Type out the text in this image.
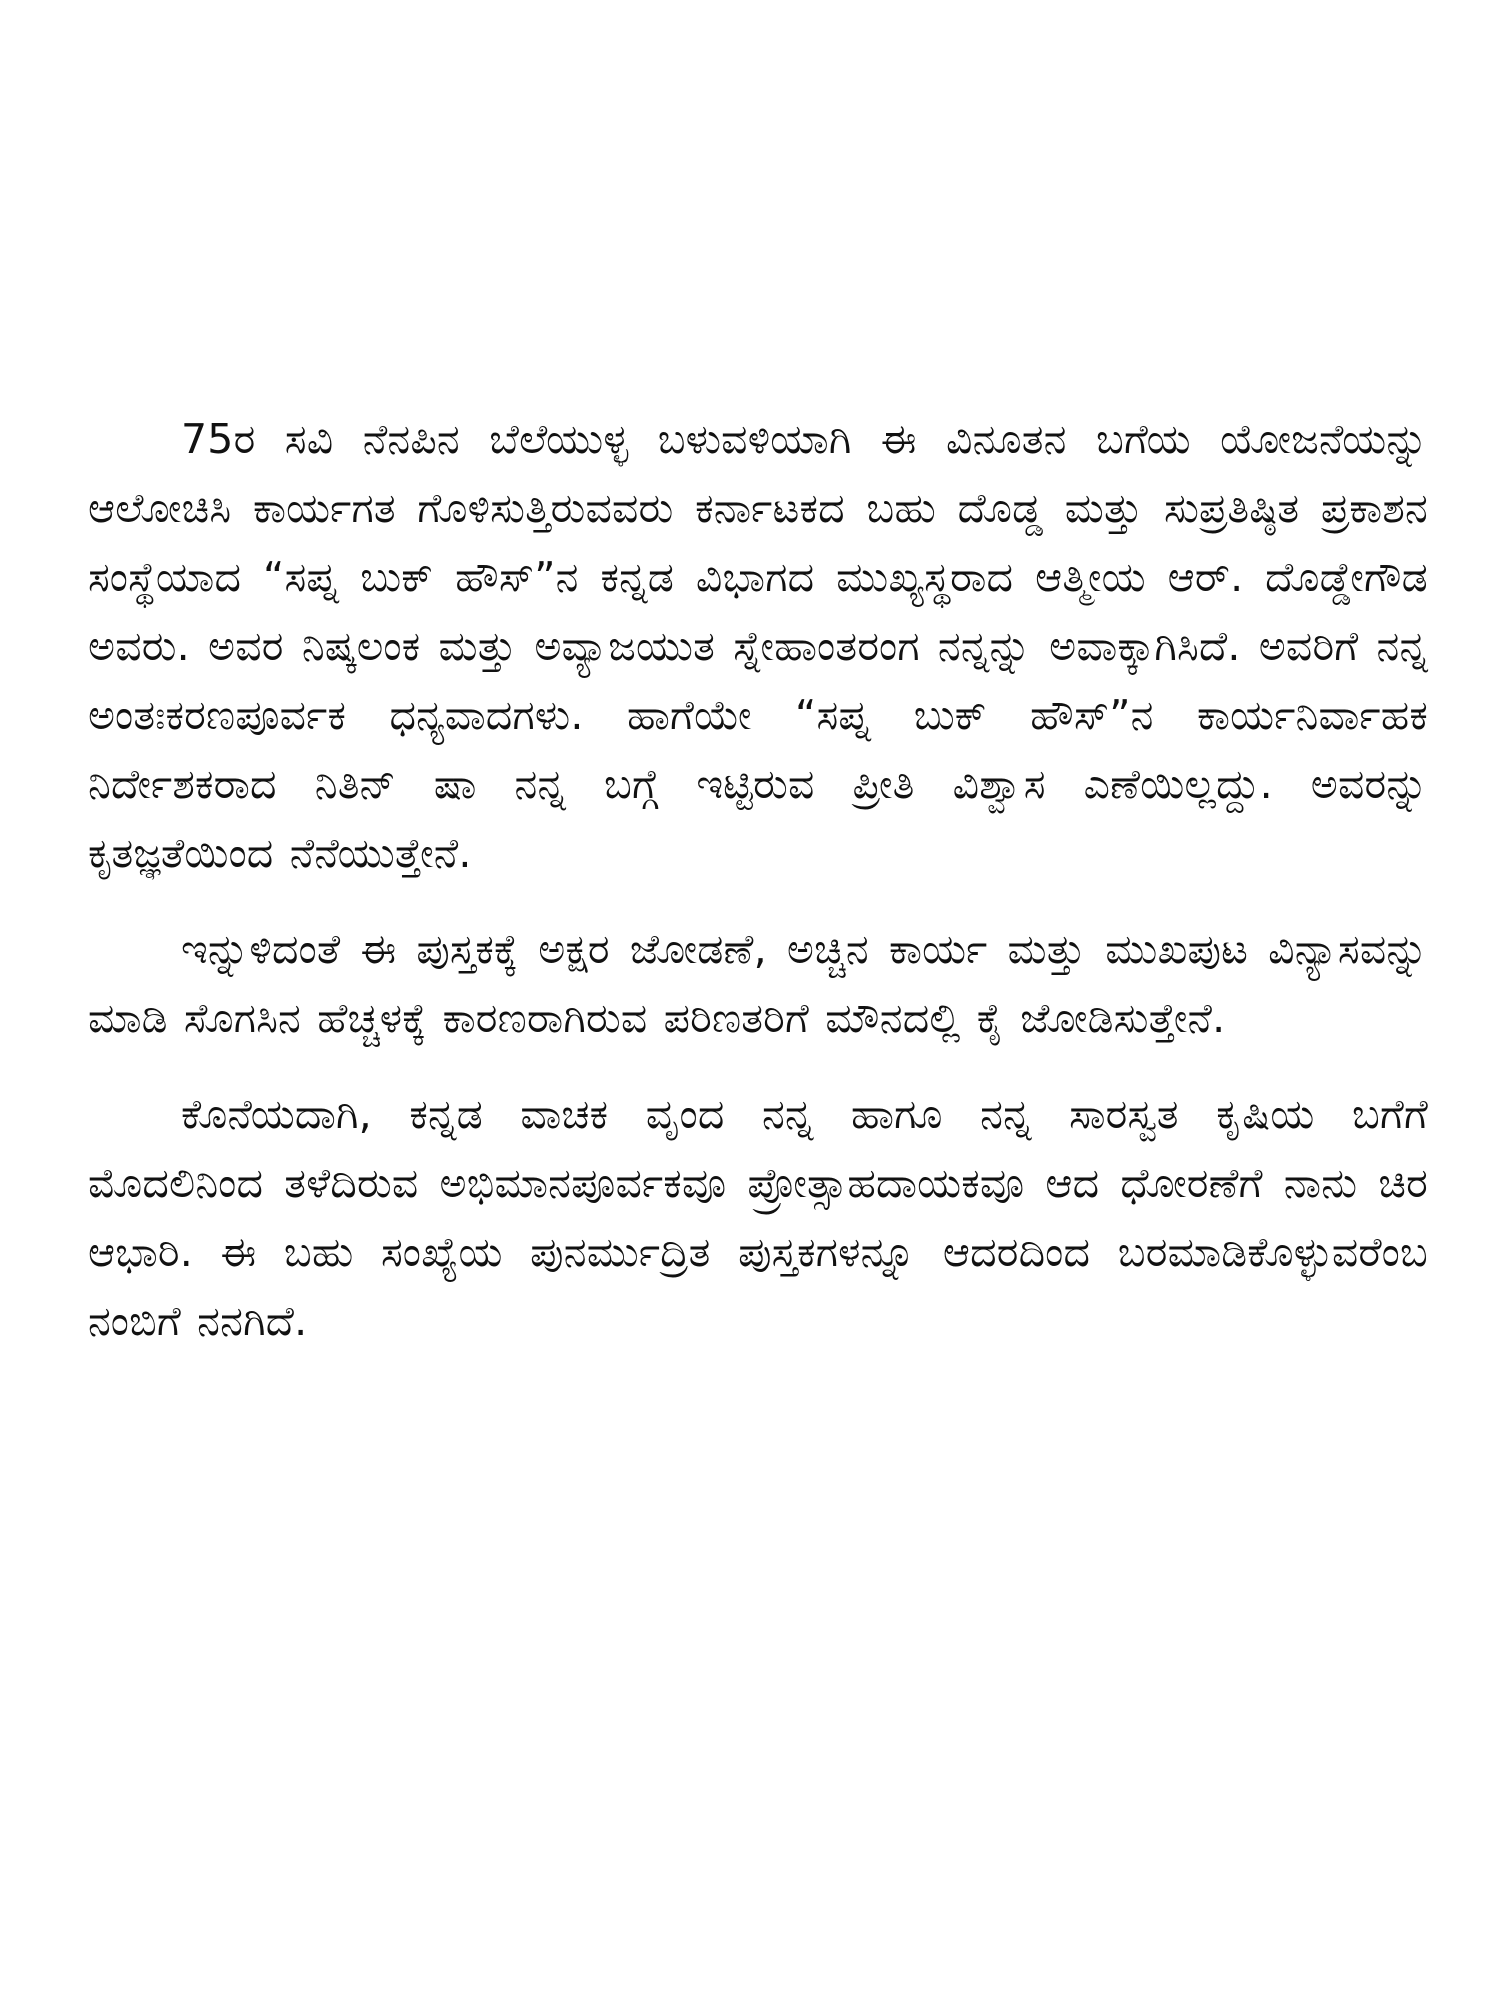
75ರ ಸವಿ ನೆನಪಿನ ಬೆಲೆಯುಳ್ಳ ಬಳುವಳಿಯಾಗಿ ಈ ವಿನೂತನ ಬಗೆಯ ಯೋಜನೆಯನ್ನು ಆಲೋಚಿಸಿ ಕಾರ್ಯಗತ ಗೊಳಿಸುತ್ತಿರುವವರು ಕರ್ನಾಟಕದ ಬಹು ದೊಡ್ಡ ಮತ್ತು ಸುಪ್ರತಿಷ್ಠಿತ ಪ್ರಕಾಶನ ಸಂಸ್ಥೆಯಾದ “ಸಪ್ನ ಬುಕ್ ಹೌಸ್”ನ ಕನ್ನಡ ವಿಭಾಗದ ಮುಖ್ಯಸ್ಥರಾದ ಆತ್ಮೀಯ ಆರ್. ದೊಡ್ಡೇಗೌಡ ಅವರು. ಅವರ ನಿಷ್ಕಲಂಕ ಮತ್ತು ಅವ್ಯಾಜಯುತ ಸ್ನೇಹಾಂತರಂಗ ನನ್ನನ್ನು ಅವಾಕ್ಕಾಗಿಸಿದೆ. ಅವರಿಗೆ ನನ್ನ ಅಂತಃಕರಣಪೂರ್ವಕ ಧನ್ಯವಾದಗಳು. ಹಾಗೆಯೇ “ಸಪ್ನ ಬುಕ್ ಹೌಸ್”ನ ಕಾರ್ಯನಿರ್ವಾಹಕ ನಿರ್ದೇಶಕರಾದ ನಿತಿನ್ ಷಾ ನನ್ನ ಬಗ್ಗೆ ಇಟ್ಟಿರುವ ಪ್ರೀತಿ ವಿಶ್ವಾಸ ಎಣೆಯಿಲ್ಲದ್ದು. ಅವರನ್ನು ಕೃತಜ್ಞತೆಯಿಂದ ನೆನೆಯುತ್ತೇನೆ.

ಇನ್ನುಳಿದಂತೆ ಈ ಪುಸ್ತಕಕ್ಕೆ ಅಕ್ಷರ ಜೋಡಣೆ, ಅಚ್ಚಿನ ಕಾರ್ಯ ಮತ್ತು ಮುಖಪುಟ ವಿನ್ಯಾಸವನ್ನು ಮಾಡಿ ಸೊಗಸಿನ ಹೆಚ್ಚಳಕ್ಕೆ ಕಾರಣರಾಗಿರುವ ಪರಿಣತರಿಗೆ ಮೌನದಲ್ಲಿ ಕೈ ಜೋಡಿಸುತ್ತೇನೆ.

ಕೊನೆಯದಾಗಿ, ಕನ್ನಡ ವಾಚಕ ವೃಂದ ನನ್ನ ಹಾಗೂ ನನ್ನ ಸಾರಸ್ವತ ಕೃಷಿಯ ಬಗೆಗೆ ಮೊದಲಿನಿಂದ ತಳೆದಿರುವ ಅಭಿಮಾನಪೂರ್ವಕವೂ ಪ್ರೋತ್ಸಾಹದಾಯಕವೂ ಆದ ಧೋರಣೆಗೆ ನಾನು ಚಿರ ಆಭಾರಿ. ಈ ಬಹು ಸಂಖ್ಯೆಯ ಪುನರ್ಮುದ್ರಿತ ಪುಸ್ತಕಗಳನ್ನೂ ಆದರದಿಂದ ಬರಮಾಡಿಕೊಳ್ಳುವರೆಂಬ ನಂಬಿಗೆ ನನಗಿದೆ.
